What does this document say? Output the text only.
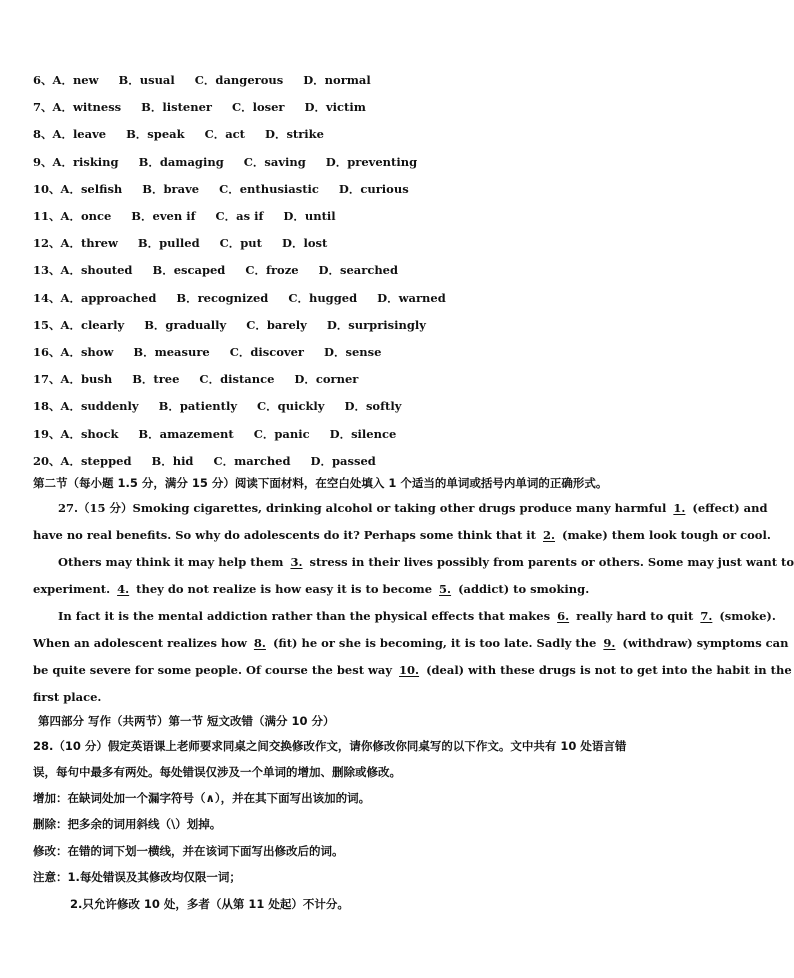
6、A．new B．usual C．dangerous D．normal
7、A．witness B．listener C．loser D．victim
8、A．leave B．speak C．act D．strike
9、A．risking B．damaging C．saving D．preventing
10、A．selfish B．brave C．enthusiastic D．curious
11、A．once B．even if C．as if D．until
12、A．threw B．pulled C．put D．lost
13、A．shouted B．escaped C．froze D．searched
14、A．approached B．recognized C．hugged D．warned
15、A．clearly B．gradually C．barely D．surprisingly
16、A．show B．measure C．discover D．sense
17、A．bush B．tree C．distance D．corner
18、A．suddenly B．patiently C．quickly D．softly
19、A．shock B．amazement C．panic D．silence
20、A．stepped B．hid C．marched D．passed
第二节（每小题 1.5 分，满分 15 分）阅读下面材料，在空白处填入 1 个适当的单词或括号内单词的正确形式。
27.（15 分）Smoking cigarettes, drinking alcohol or taking other drugs produce many harmful 1. (effect) and
have no real benefits. So why do adolescents do it? Perhaps some think that it 2. (make) them look tough or cool.
Others may think it may help them 3. stress in their lives possibly from parents or others. Some may just want to
experiment. 4. they do not realize is how easy it is to become 5. (addict) to smoking.
In fact it is the mental addiction rather than the physical effects that makes 6. really hard to quit 7. (smoke).
When an adolescent realizes how 8. (fit) he or she is becoming, it is too late. Sadly the 9. (withdraw) symptoms can
be quite severe for some people. Of course the best way 10. (deal) with these drugs is not to get into the habit in the
first place.
第四部分 写作（共两节）第一节 短文改错（满分 10 分）
28.（10 分）假定英语课上老师要求同桌之间交换修改作文，请你修改你同桌写的以下作文。文中共有 10 处语言错
误，每句中最多有两处。每处错误仅涉及一个单词的增加、删除或修改。
增加：在缺词处加一个漏字符号（∧），并在其下面写出该加的词。
删除：把多余的词用斜线（\）划掉。
修改：在错的词下划一横线，并在该词下面写出修改后的词。
注意：1.每处错误及其修改均仅限一词；
2.只允许修改 10 处，多者（从第 11 处起）不计分。
